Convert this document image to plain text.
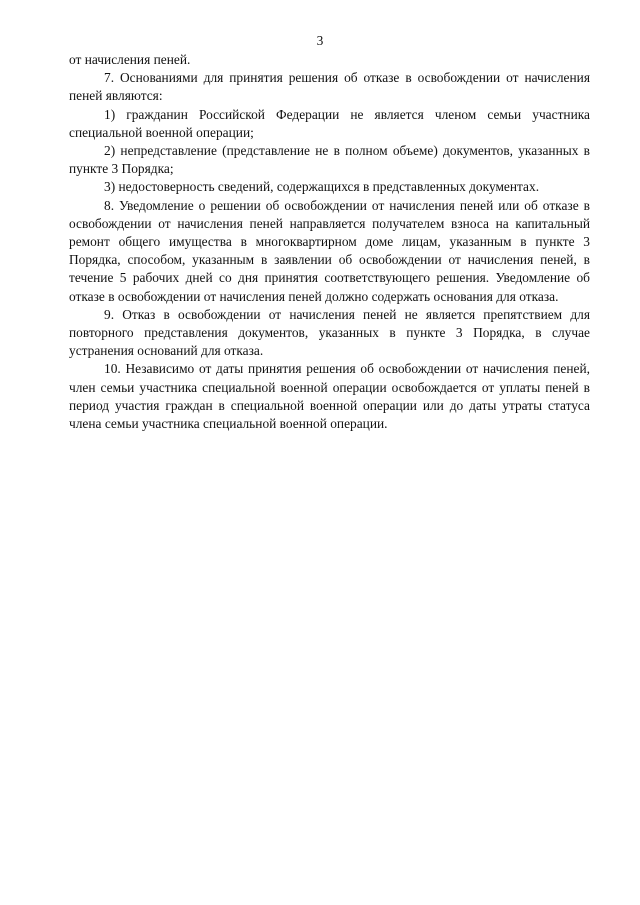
3

от начисления пеней.

7. Основаниями для принятия решения об отказе в освобождении от начисления пеней являются:

1) гражданин Российской Федерации не является членом семьи участника специальной военной операции;

2) непредставление (представление не в полном объеме) документов, указанных в пункте 3 Порядка;

3) недостоверность сведений, содержащихся в представленных документах.

8. Уведомление о решении об освобождении от начисления пеней или об отказе в освобождении от начисления пеней направляется получателем взноса на капитальный ремонт общего имущества в многоквартирном доме лицам, указанным в пункте 3 Порядка, способом, указанным в заявлении об освобождении от начисления пеней, в течение 5 рабочих дней со дня принятия соответствующего решения. Уведомление об отказе в освобождении от начисления пеней должно содержать основания для отказа.

9. Отказ в освобождении от начисления пеней не является препятствием для повторного представления документов, указанных в пункте 3 Порядка, в случае устранения оснований для отказа.

10. Независимо от даты принятия решения об освобождении от начисления пеней, член семьи участника специальной военной операции освобождается от уплаты пеней в период участия граждан в специальной военной операции или до даты утраты статуса члена семьи участника специальной военной операции.
